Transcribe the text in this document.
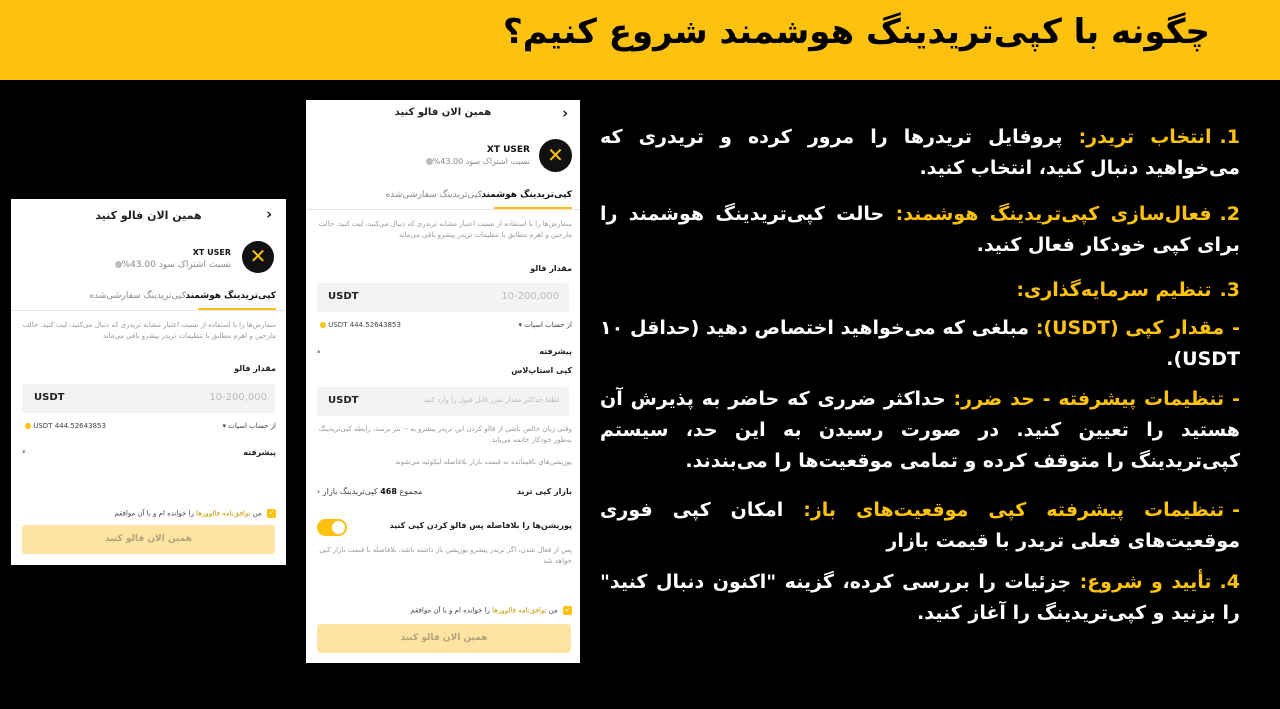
چگونه با کپی‌تریدینگ هوشمند شروع کنیم؟
همین الان فالو کنید	‹
✕
XT USER
نسبت اشتراک سود 43.00%
کپی‌تریدینگ هوشمند
کپی‌تریدینگ سفارشی‌شده
سفارش‌ها را با استفاده از نسبت اعتبار مشابه تریدری که دنبال می‌کنید، لیت کنید. حالت مارجین و اهرم مطابق با تنظیمات تریدر پیشرو باقی می‌ماند
مقدار فالو
USDT	10-200,000
از حساب اسپات ▾
USDT 444.52643853
پیشرفته
▾
✓ من توافق‌نامه فالوورها را خوانده ام و با آن موافقم
همین الان فالو کنید
همین الان فالو کنید	‹
✕
XT USER
نسبت اشتراک سود 43.00%
کپی‌تریدینگ هوشمند
کپی‌تریدینگ سفارشی‌شده
سفارش‌ها را با استفاده از نسبت اعتبار مشابه تریدری که دنبال می‌کنید، لیت کنید. حالت مارجین و اهرم مطابق با تنظیمات تریدر پیشرو باقی می‌ماند
مقدار فالو
USDT	10-200,000
از حساب اسپات ▾
USDT 444.52643853
پیشرفته
▴
کپی استاپ‌لاس
USDT	لطفا حداکثر مقدار ضرر قابل قبول را وارد کنید
وقتی زیان خالص ناشی از فالو کردن این تریدر پیشرو به -- تتر برسد، رابطه کپی‌تریدینگ به‌طور خودکار خاتمه می‌یابد.
پوزیشن‌های باقیمانده به قیمت بازار بلافاصله لیکوئید می‌شوند
بازار کپی ترید
مجموع 468 کپی‌تریدینگ بازار ‹
پوزیشن‌ها را بلافاصله پس فالو کردن کپی کنید
پس از فعال شدن، اگر تریدر پیشرو پوزیشن باز داشته باشد، بلافاصله با قیمت بازار کپی خواهد شد
✓ من توافق‌نامه فالوورها را خوانده ام و با آن موافقم
همین الان فالو کنید
1.انتخاب تریدر: پروفایل تریدرها را مرور کرده و تریدری که می‌خواهید دنبال کنید، انتخاب کنید.
2.فعال‌سازی کپی‌تریدینگ هوشمند: حالت کپی‌تریدینگ هوشمند را برای کپی خودکار فعال کنید.
3.تنظیم سرمایه‌گذاری:
-مقدار کپی (USDT): مبلغی که می‌خواهید اختصاص دهید (حداقل ۱۰ USDT).
-تنظیمات پیشرفته - حد ضرر: حداکثر ضرری که حاضر به پذیرش آن هستید را تعیین کنید. در صورت رسیدن به این حد، سیستم کپی‌تریدینگ را متوقف کرده و تمامی موقعیت‌ها را می‌بندند.
-تنظیمات پیشرفته کپی موقعیت‌های باز: امکان کپی فوری موقعیت‌های فعلی تریدر با قیمت بازار
4.تأیید و شروع: جزئیات را بررسی کرده، گزینه "اکنون دنبال کنید" را بزنید و کپی‌تریدینگ را آغاز کنید.
